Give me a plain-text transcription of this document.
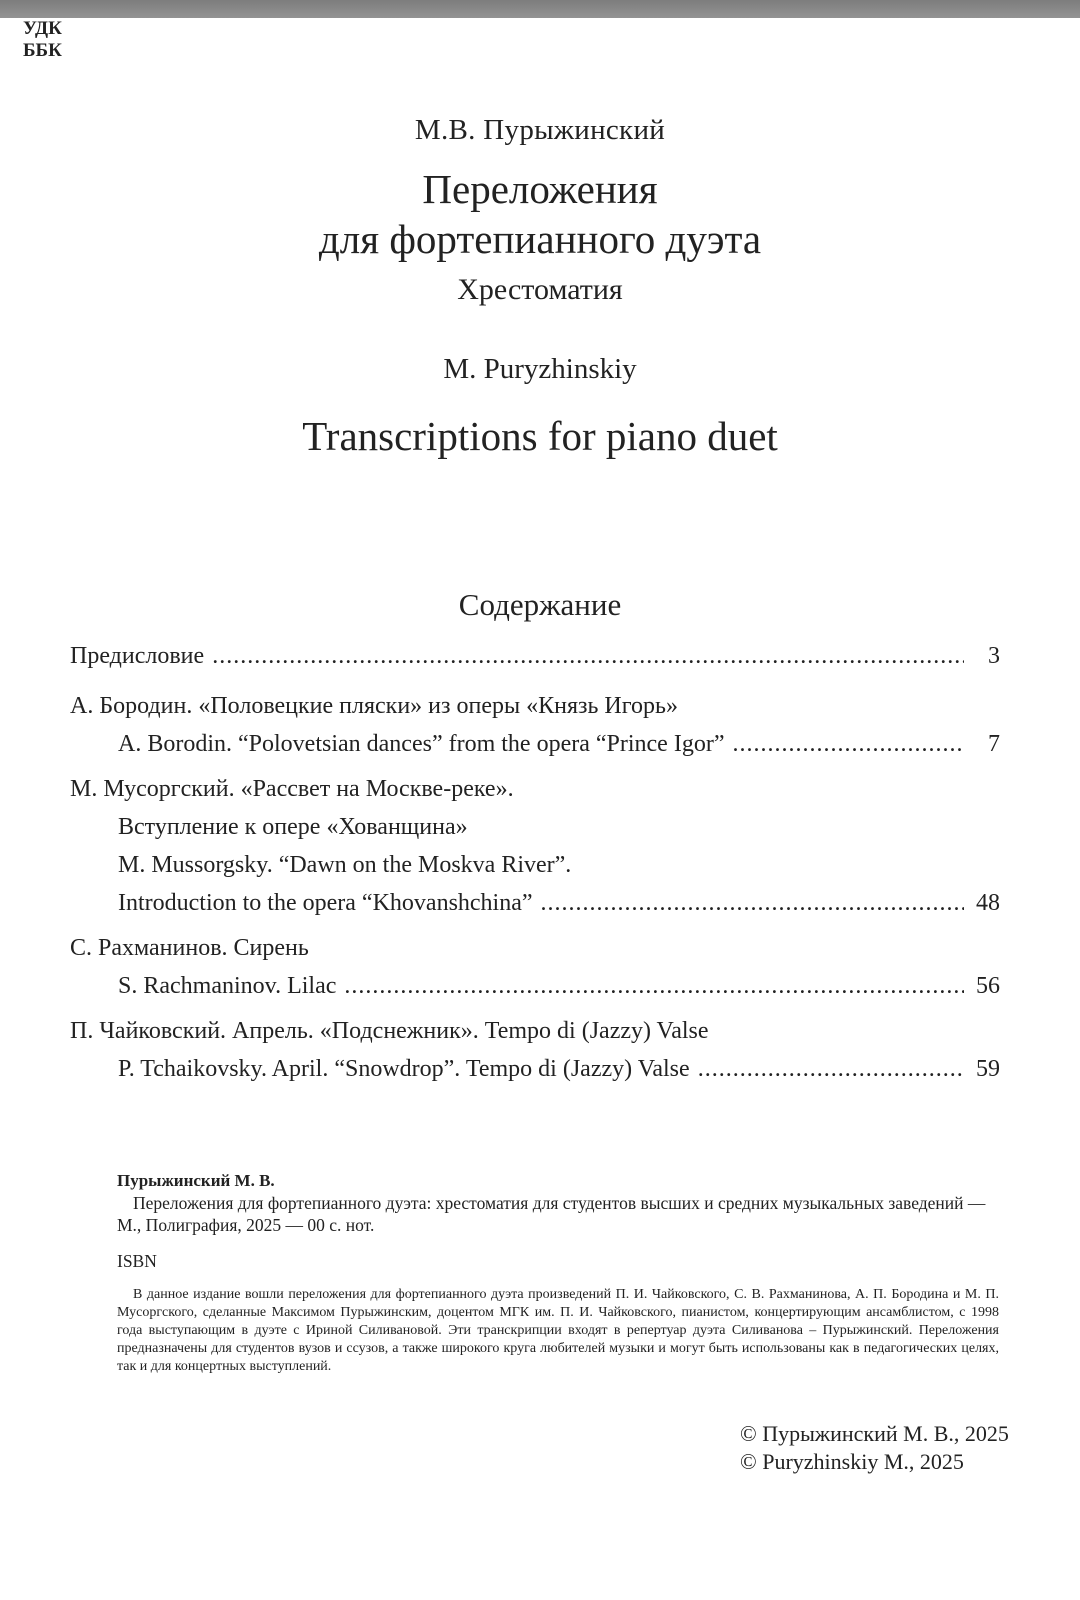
УДК
ББК
М.В. Пурыжинский
Переложения
для фортепианного дуэта
Хрестоматия
M. Puryzhinskiy
Transcriptions for piano duet
Содержание
Предисловие .....	3
А. Бородин. «Половецкие пляски» из оперы «Князь Игорь»
A. Borodin. “Polovetsian dances” from the opera “Prince Igor” .....	7
М. Мусоргский. «Рассвет на Москве-реке».
Вступление к опере «Хованщина»
M. Mussorgsky. “Dawn on the Moskva River”.
Introduction to the opera “Khovanshchina” .....	48
С. Рахманинов. Сирень
S. Rachmaninov. Lilac .....	56
П. Чайковский. Апрель. «Подснежник». Tempo di (Jazzy) Valse
P. Tchaikovsky. April. “Snowdrop”. Tempo di (Jazzy) Valse .....	59
Пурыжинский М. В.
Переложения для фортепианного дуэта: хрестоматия для студентов высших и средних музыкальных заведений — М., Полиграфия, 2025 — 00 с. нот.
ISBN
В данное издание вошли переложения для фортепианного дуэта произведений П. И. Чайковского, С. В. Рахманинова, А. П. Бородина и М. П. Мусоргского, сделанные Максимом Пурыжинским, доцентом МГК им. П. И. Чайковского, пианистом, концертирующим ансамблистом, с 1998 года выступающим в дуэте с Ириной Силивановой. Эти транскрипции входят в репертуар дуэта Силиванова – Пурыжинский. Переложения предназначены для студентов вузов и ссузов, а также широкого круга любителей музыки и могут быть использованы как в педагогических целях, так и для концертных выступлений.
© Пурыжинский М. В., 2025
© Puryzhinskiy M., 2025
